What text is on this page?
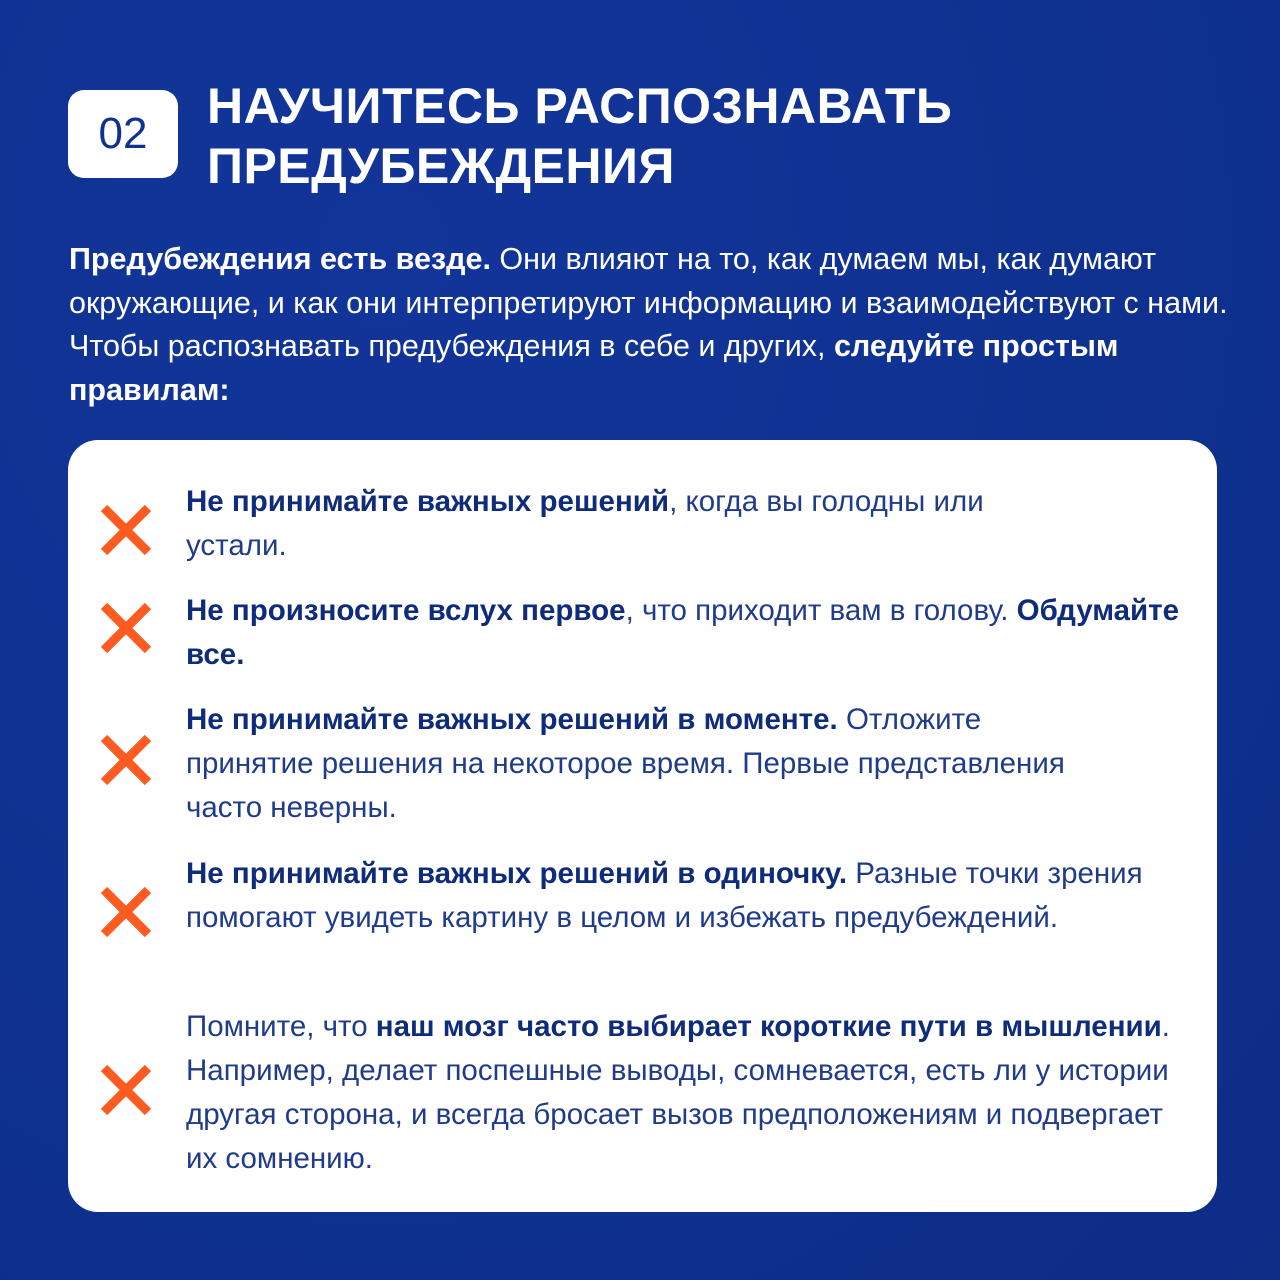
02 НАУЧИТЕСЬ РАСПОЗНАВАТЬ
ПРЕДУБЕЖДЕНИЯ

Предубеждения есть везде. Они влияют на то, как думаем мы, как думают окружающие, и как они интерпретируют информацию и взаимодействуют с нами. Чтобы распознавать предубеждения в себе и других, следуйте простым правилам:

Не принимайте важных решений, когда вы голодны или устали.

Не произносите вслух первое, что приходит вам в голову. Обдумайте все.

Не принимайте важных решений в моменте. Отложите принятие решения на некоторое время. Первые представления часто неверны.

Не принимайте важных решений в одиночку. Разные точки зрения помогают увидеть картину в целом и избежать предубеждений.

Помните, что наш мозг часто выбирает короткие пути в мышлении. Например, делает поспешные выводы, сомневается, есть ли у истории другая сторона, и всегда бросает вызов предположениям и подвергает их сомнению.
